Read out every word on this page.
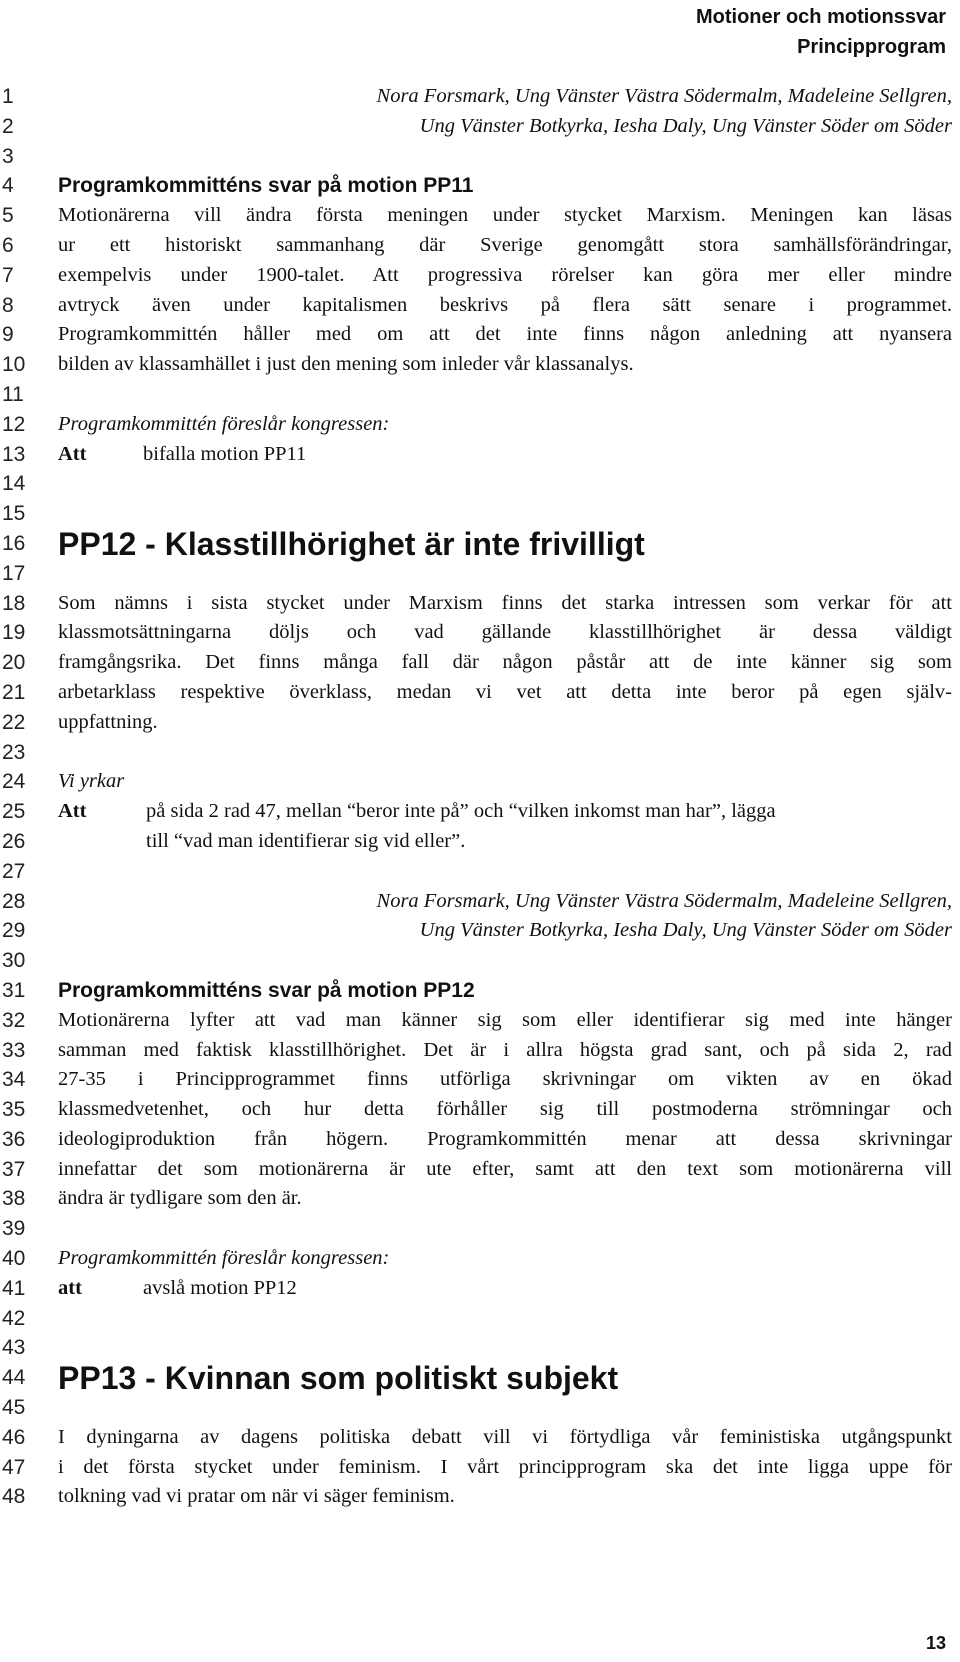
Motioner och motionssvar
Principprogram
1
2
3
4
5
6
7
8
9
10
11
12
13
14
15
16
17
18
19
20
21
22
23
24
25
26
27
28
29
30
31
32
33
34
35
36
37
38
39
40
41
42
43
44
45
46
47
48
Nora Forsmark, Ung Vänster Västra Södermalm, Madeleine Sellgren,
Ung Vänster Botkyrka, Iesha Daly, Ung Vänster Söder om Söder
Programkommitténs svar på motion PP11
Motionärerna vill ändra första meningen under stycket Marxism. Meningen kan läsas
ur ett historiskt sammanhang där Sverige genomgått stora samhällsförändringar,
exempelvis under 1900-talet. Att progressiva rörelser kan göra mer eller mindre
avtryck även under kapitalismen beskrivs på flera sätt senare i programmet.
Programkommittén håller med om att det inte finns någon anledning att nyansera
bilden av klassamhället i just den mening som inleder vår klassanalys.
Programkommittén föreslår kongressen:
Att	bifalla motion PP11
PP12 - Klasstillhörighet är inte frivilligt
Som nämns i sista stycket under Marxism finns det starka intressen som verkar för att
klassmotsättningarna döljs och vad gällande klasstillhörighet är dessa väldigt
framgångsrika. Det finns många fall där någon påstår att de inte känner sig som
arbetarklass respektive överklass, medan vi vet att detta inte beror på egen själv-
uppfattning.
Vi yrkar
Att	på sida 2 rad 47, mellan “beror inte på” och “vilken inkomst man har”, lägga
till “vad man identifierar sig vid eller”.
Nora Forsmark, Ung Vänster Västra Södermalm, Madeleine Sellgren,
Ung Vänster Botkyrka, Iesha Daly, Ung Vänster Söder om Söder
Programkommitténs svar på motion PP12
Motionärerna lyfter att vad man känner sig som eller identifierar sig med inte hänger
samman med faktisk klasstillhörighet. Det är i allra högsta grad sant, och på sida 2, rad
27-35 i Principprogrammet finns utförliga skrivningar om vikten av en ökad
klassmedvetenhet, och hur detta förhåller sig till postmoderna strömningar och
ideologiproduktion från högern. Programkommittén menar att dessa skrivningar
innefattar det som motionärerna är ute efter, samt att den text som motionärerna vill
ändra är tydligare som den är.
Programkommittén föreslår kongressen:
att	avslå motion PP12
PP13 - Kvinnan som politiskt subjekt
I dyningarna av dagens politiska debatt vill vi förtydliga vår feministiska utgångspunkt
i det första stycket under feminism. I vårt principprogram ska det inte ligga uppe för
tolkning vad vi pratar om när vi säger feminism.
13
